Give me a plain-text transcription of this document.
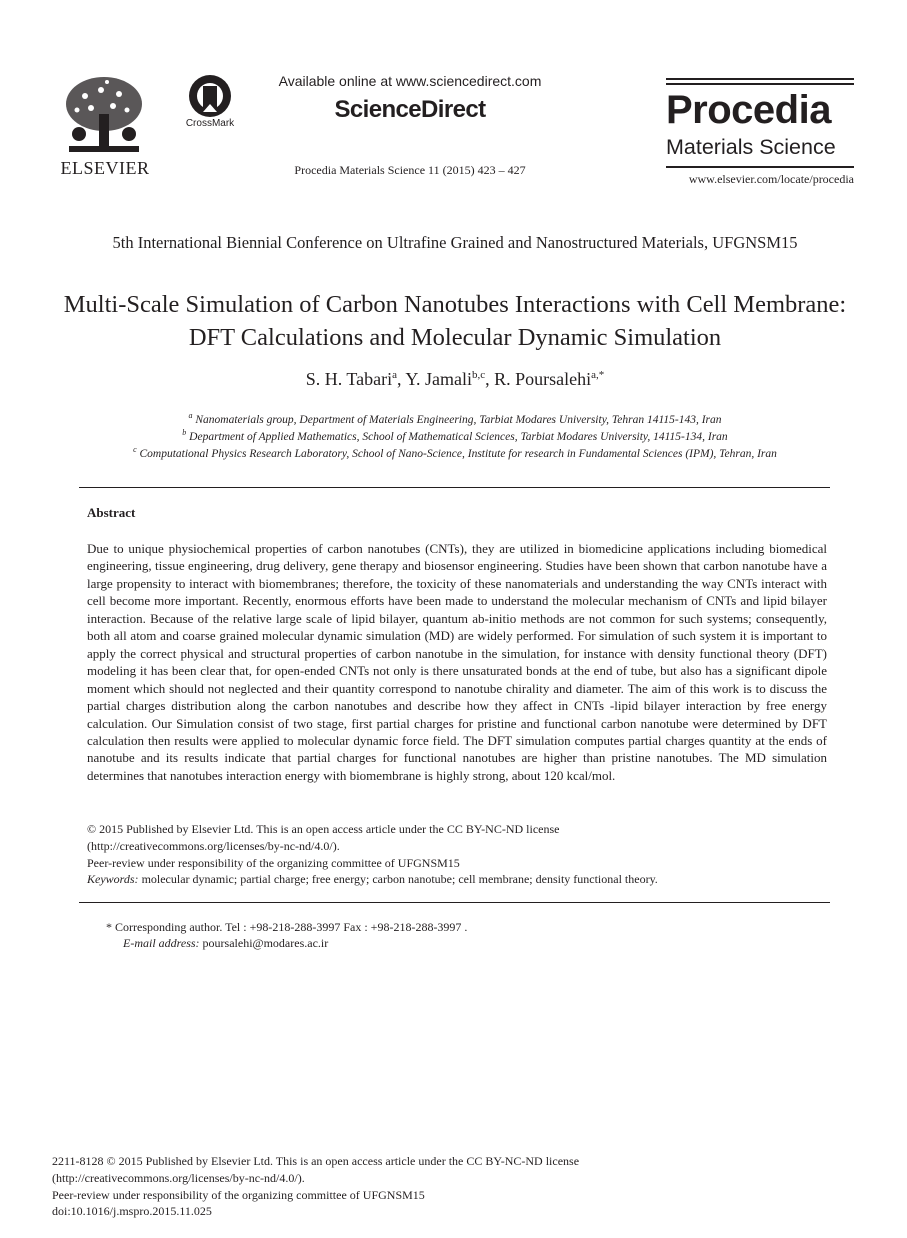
ELSEVIER
CrossMark
Available online at www.sciencedirect.com
ScienceDirect
Procedia Materials Science 11 (2015) 423 – 427
Procedia
Materials Science
www.elsevier.com/locate/procedia
5th International Biennial Conference on Ultrafine Grained and Nanostructured Materials, UFGNSM15
Multi-Scale Simulation of Carbon Nanotubes Interactions with Cell Membrane: DFT Calculations and Molecular Dynamic Simulation
S. H. Tabari$^a$, Y. Jamali$^{b,c}$, R. Poursalehi$^{a,*}$
$^a$ Nanomaterials group, Department of Materials Engineering, Tarbiat Modares University, Tehran 14115-143, Iran
$^b$ Department of Applied Mathematics, School of Mathematical Sciences, Tarbiat Modares University, 14115-134, Iran
$^c$ Computational Physics Research Laboratory, School of Nano-Science, Institute for research in Fundamental Sciences (IPM), Tehran, Iran
Abstract
Due to unique physiochemical properties of carbon nanotubes (CNTs), they are utilized in biomedicine applications including biomedical engineering, tissue engineering, drug delivery, gene therapy and biosensor engineering. Studies have been shown that carbon nanotube have a large propensity to interact with biomembranes; therefore, the toxicity of these nanomaterials and understanding the way CNTs interact with cell become more important. Recently, enormous efforts have been made to understand the molecular mechanism of CNTs and lipid bilayer interaction. Because of the relative large scale of lipid bilayer, quantum ab-initio methods are not common for such systems; consequently, both all atom and coarse grained molecular dynamic simulation (MD) are widely performed. For simulation of such system it is important to apply the correct physical and structural properties of carbon nanotube in the simulation, for instance with density functional theory (DFT) modeling it has been clear that, for open-ended CNTs not only is there unsaturated bonds at the end of tube, but also has a significant dipole moment which should not neglected and their quantity correspond to nanotube chirality and diameter. The aim of this work is to discuss the partial charges distribution along the carbon nanotubes and describe how they affect in CNTs -lipid bilayer interaction by free energy calculation. Our Simulation consist of two stage, first partial charges for pristine and functional carbon nanotube were determined by DFT calculation then results were applied to molecular dynamic force field. The DFT simulation computes partial charges quantity at the ends of nanotube and its results indicate that partial charges for functional nanotubes are higher than pristine nanotubes. The MD simulation determines that nanotubes interaction energy with biomembrane is highly strong, about 120 kcal/mol.
© 2015 Published by Elsevier Ltd. This is an open access article under the CC BY-NC-ND license
(http://creativecommons.org/licenses/by-nc-nd/4.0/).
Peer-review under responsibility of the organizing committee of UFGNSM15
Keywords: molecular dynamic; partial charge; free energy; carbon nanotube; cell membrane; density functional theory.
* Corresponding author. Tel : +98-218-288-3997 Fax : +98-218-288-3997 .
E-mail address: poursalehi@modares.ac.ir
2211-8128 © 2015 Published by Elsevier Ltd. This is an open access article under the CC BY-NC-ND license
(http://creativecommons.org/licenses/by-nc-nd/4.0/).
Peer-review under responsibility of the organizing committee of UFGNSM15
doi:10.1016/j.mspro.2015.11.025
